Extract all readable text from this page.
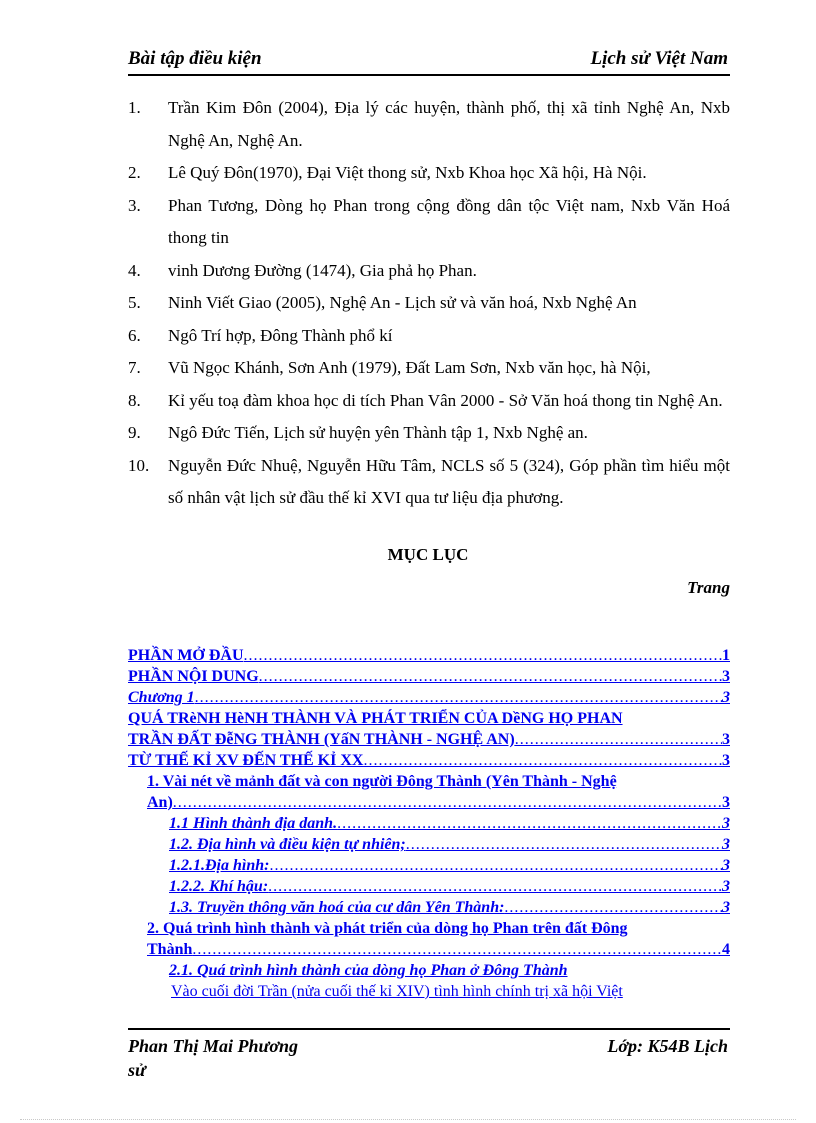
Bài tập điều kiện	Lịch sử Việt Nam
1. Trần Kim Đôn (2004), Địa lý các huyện, thành phố, thị xã tỉnh Nghệ An, Nxb Nghệ An, Nghệ An.
2. Lê Quý Đôn(1970), Đại Việt thong sử, Nxb Khoa học Xã hội, Hà Nội.
3. Phan Tương, Dòng họ Phan trong cộng đồng dân tộc Việt nam, Nxb Văn Hoá thong tin
4. vinh Dương Đường (1474), Gia phả họ Phan.
5. Ninh Viết Giao (2005), Nghệ An - Lịch sử và văn hoá, Nxb Nghệ An
6. Ngô Trí hợp, Đông Thành phổ kí
7. Vũ Ngọc Khánh, Sơn Anh (1979), Đất Lam Sơn, Nxb văn học, hà Nội,
8. Kỉ yếu toạ đàm khoa học di tích Phan Vân 2000 - Sở Văn hoá thong tin Nghệ An.
9. Ngô Đức Tiến, Lịch sử huyện yên Thành tập 1, Nxb Nghệ an.
10. Nguyễn Đức Nhuệ, Nguyễn Hữu Tâm, NCLS số 5 (324), Góp phần tìm hiểu một số nhân vật lịch sử đầu thế kỉ XVI qua tư liệu địa phương.
MỤC LỤC
Trang
PHẦN MỞ ĐẦU .....	1
PHẦN NỘI DUNG .....	3
Chương 1 .....	3
QUÁ TRèNH HèNH THÀNH VÀ PHÁT TRIỂN CỦA DềNG HỌ PHAN
TRẦN ĐẤT ĐễNG THÀNH (YấN THÀNH - NGHỆ AN) .....	3
TỪ THẾ KỈ XV ĐẾN THẾ KỈ XX .....	3
1. Vài nét về mảnh đất và con người Đông Thành (Yên Thành - Nghệ
An) .....	3
1.1 Hình thành địa danh. .....	3
1.2. Địa hình và điều kiện tự nhiên; .....	3
1.2.1.Địa hình: .....	3
1.2.2. Khí hậu: .....	3
1.3. Truyền thông văn hoá của cư dân Yên Thành: .....	3
2. Quá trình hình thành và phát triển của dòng họ Phan trên đất Đông
Thành .....	4
2.1. Quá trình hình thành của dòng họ Phan ở Đông Thành
Vào cuối đời Trần (nửa cuối thế kỉ XIV) tình hình chính trị xã hội Việt
Phan Thị Mai Phương	Lớp: K54B Lịch
sử
